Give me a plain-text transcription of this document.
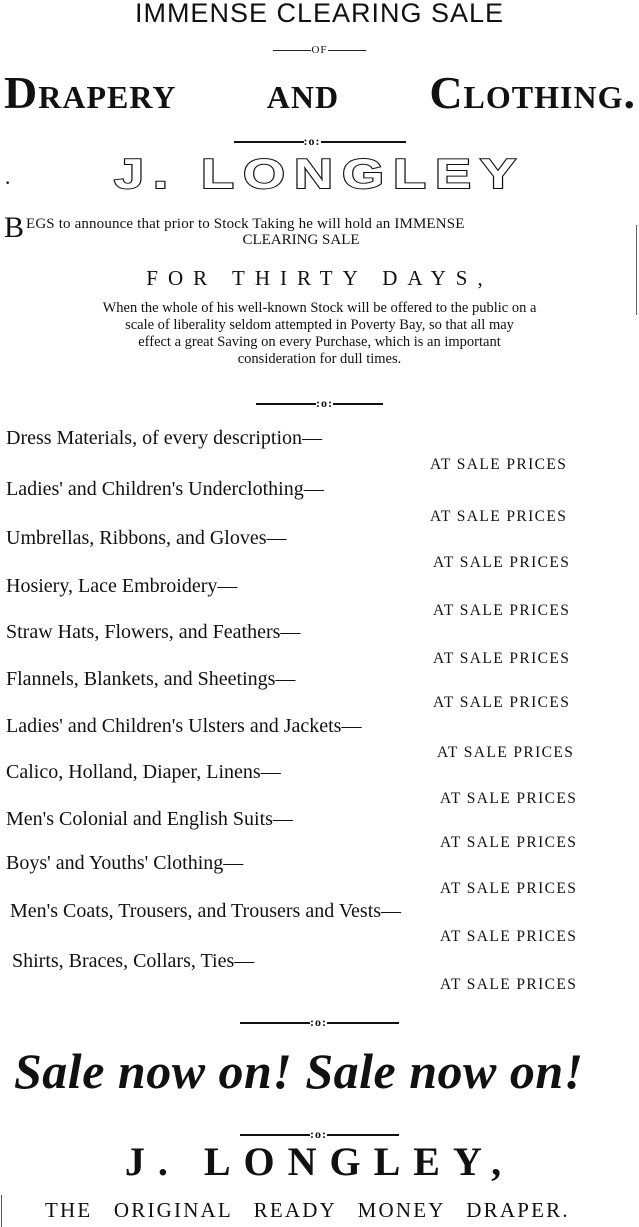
IMMENSE CLEARING SALE
OF
Drapery and Clothing.
:o:
·	J. LONGLEY
B EGS to announce that prior to Stock Taking he will hold an IMMENSE
CLEARING SALE
FOR THIRTY DAYS,
When the whole of his well-known Stock will be offered to the public on a
scale of liberality seldom attempted in Poverty Bay, so that all may
effect a great Saving on every Purchase, which is an important
consideration for dull times.
:o:
Dress Materials, of every description—
AT SALE PRICES
Ladies' and Children's Underclothing—
AT SALE PRICES
Umbrellas, Ribbons, and Gloves—
AT SALE PRICES
Hosiery, Lace Embroidery—
AT SALE PRICES
Straw Hats, Flowers, and Feathers—
AT SALE PRICES
Flannels, Blankets, and Sheetings—
AT SALE PRICES
Ladies' and Children's Ulsters and Jackets—
AT SALE PRICES
Calico, Holland, Diaper, Linens—
AT SALE PRICES
Men's Colonial and English Suits—
AT SALE PRICES
Boys' and Youths' Clothing—
AT SALE PRICES
Men's Coats, Trousers, and Trousers and Vests—
AT SALE PRICES
Shirts, Braces, Collars, Ties—
AT SALE PRICES
:o:
Sale now on! Sale now on!
:o:
J. LONGLEY,
THE ORIGINAL READY MONEY DRAPER.
